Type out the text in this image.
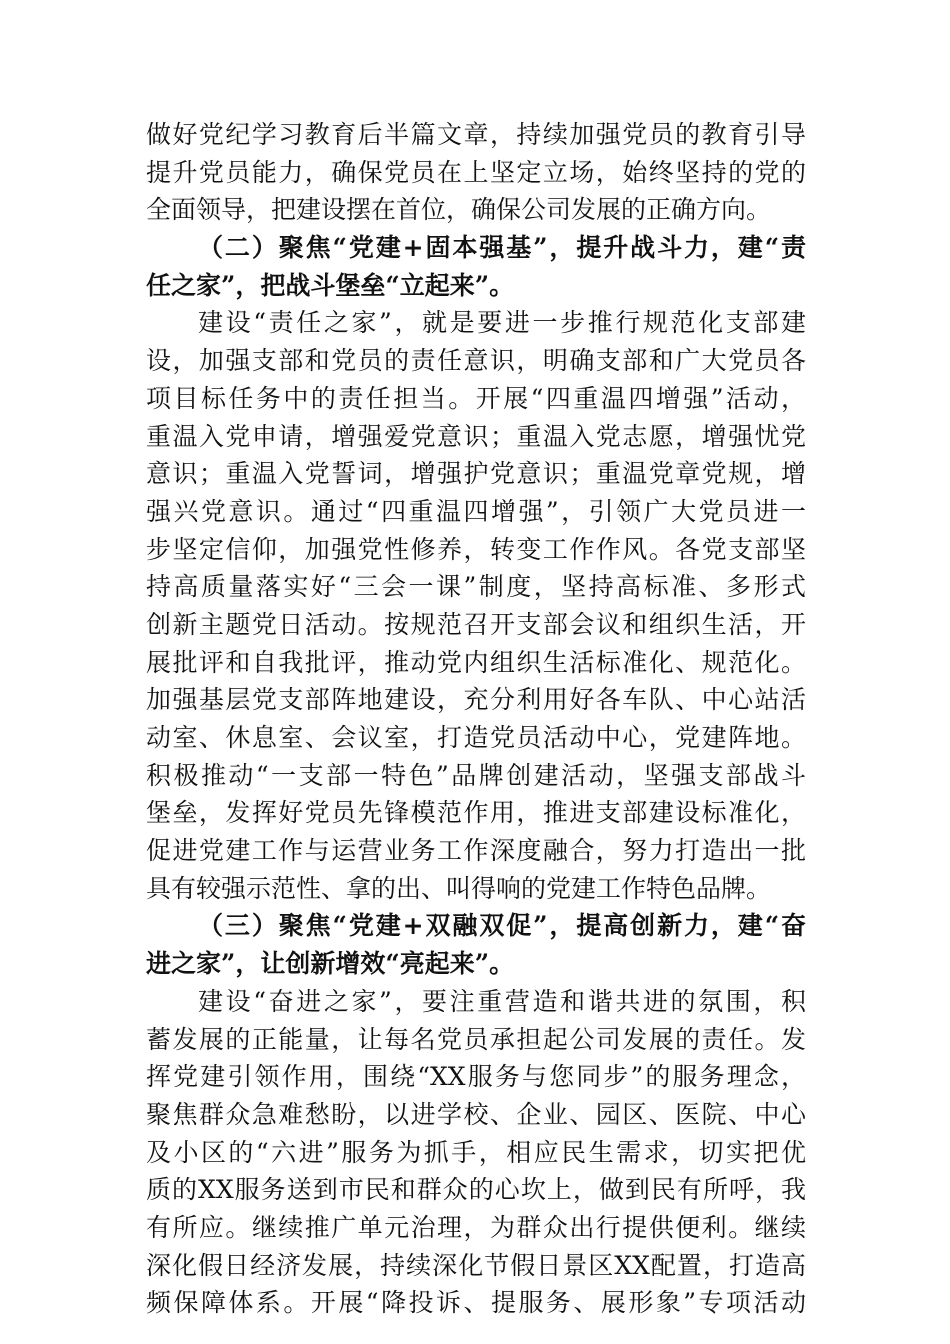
做好党纪学习教育后半篇文章，持续加强党员的教育引导
提升党员能力，确保党员在上坚定立场，始终坚持的党的
全面领导，把建设摆在首位，确保公司发展的正确方向。
（二）聚焦“党建+固本强基”，提升战斗力，建“责
任之家”，把战斗堡垒“立起来”。
建设“责任之家”，就是要进一步推行规范化支部建
设，加强支部和党员的责任意识，明确支部和广大党员各
项目标任务中的责任担当。开展“四重温四增强”活动，
重温入党申请，增强爱党意识；重温入党志愿，增强忧党
意识；重温入党誓词，增强护党意识；重温党章党规，增
强兴党意识。通过“四重温四增强”，引领广大党员进一
步坚定信仰，加强党性修养，转变工作作风。各党支部坚
持高质量落实好“三会一课”制度，坚持高标准、多形式
创新主题党日活动。按规范召开支部会议和组织生活，开
展批评和自我批评，推动党内组织生活标准化、规范化。
加强基层党支部阵地建设，充分利用好各车队、中心站活
动室、休息室、会议室，打造党员活动中心，党建阵地。
积极推动“一支部一特色”品牌创建活动，坚强支部战斗
堡垒，发挥好党员先锋模范作用，推进支部建设标准化，
促进党建工作与运营业务工作深度融合，努力打造出一批
具有较强示范性、拿的出、叫得响的党建工作特色品牌。
（三）聚焦“党建+双融双促”，提高创新力，建“奋
进之家”，让创新增效“亮起来”。
建设“奋进之家”，要注重营造和谐共进的氛围，积
蓄发展的正能量，让每名党员承担起公司发展的责任。发
挥党建引领作用，围绕“XX服务与您同步”的服务理念，
聚焦群众急难愁盼，以进学校、企业、园区、医院、中心
及小区的“六进”服务为抓手，相应民生需求，切实把优
质的XX服务送到市民和群众的心坎上，做到民有所呼，我
有所应。继续推广单元治理，为群众出行提供便利。继续
深化假日经济发展，持续深化节假日景区XX配置，打造高
频保障体系。开展“降投诉、提服务、展形象”专项活动
